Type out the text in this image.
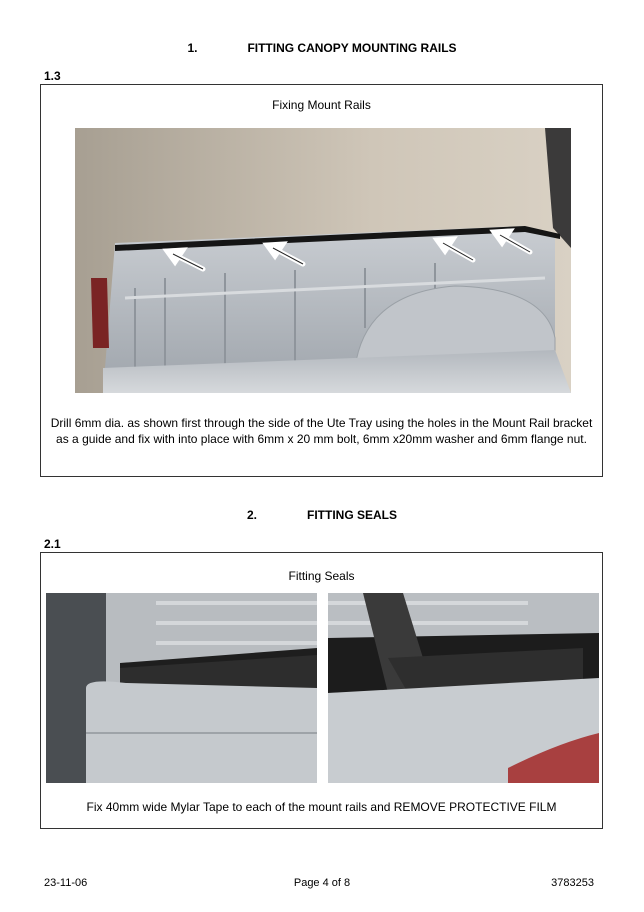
1.	FITTING CANOPY MOUNTING RAILS
1.3
Fixing Mount Rails
Drill 6mm dia. as shown first through the side of the Ute Tray using the holes in the Mount Rail bracket as a guide and fix with into place with 6mm x 20 mm bolt, 6mm x20mm washer and 6mm flange nut.
2.	FITTING SEALS
2.1
Fitting Seals
Fix 40mm wide Mylar Tape to each of the mount rails and REMOVE PROTECTIVE FILM
23-11-06	Page 4 of 8	3783253
